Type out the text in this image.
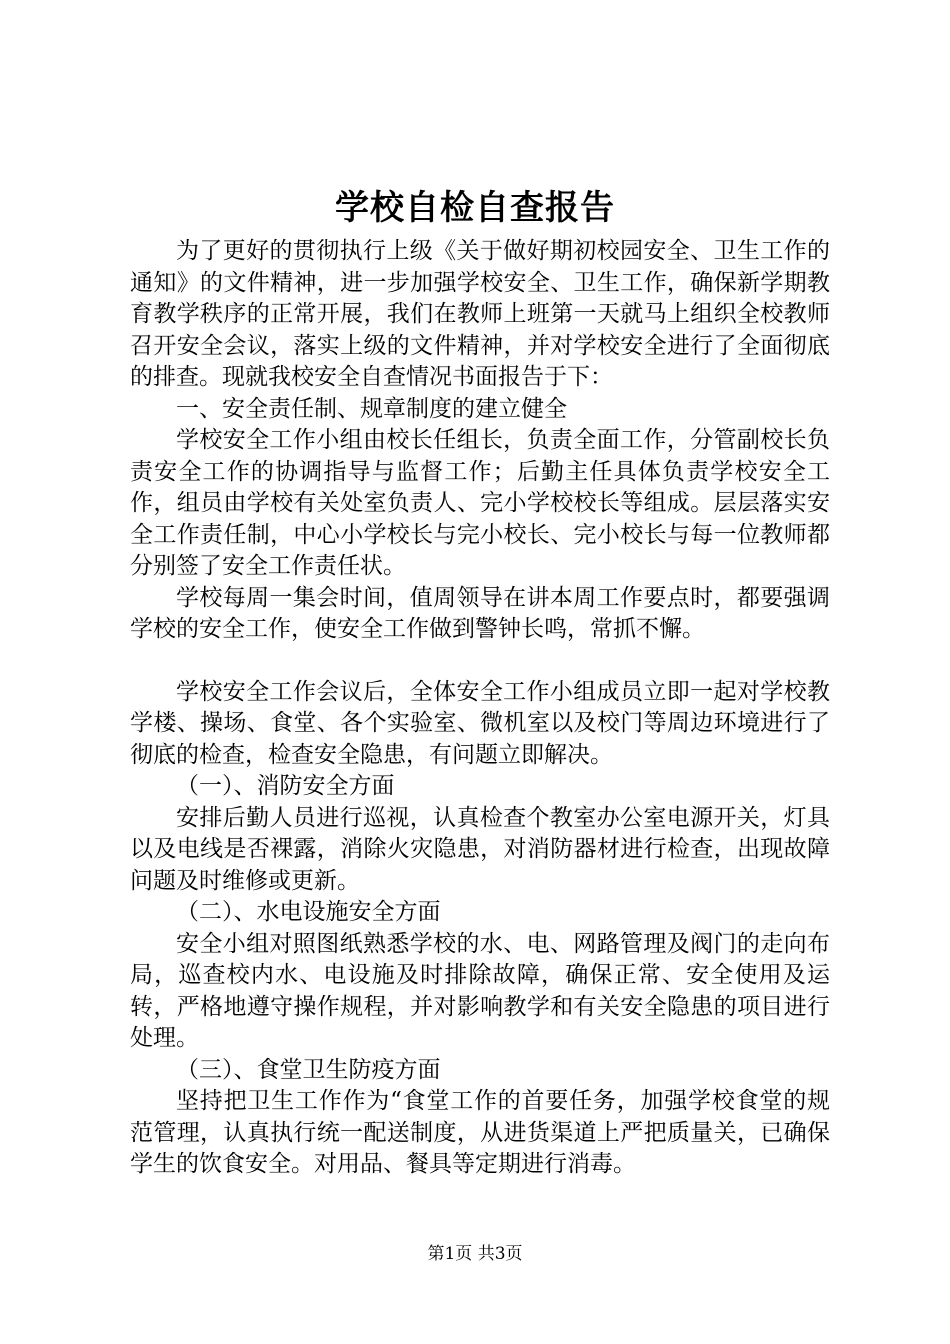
学校自检自查报告

为了更好的贯彻执行上级《关于做好期初校园安全、卫生工作的通知》的文件精神，进一步加强学校安全、卫生工作，确保新学期教育教学秩序的正常开展，我们在教师上班第一天就马上组织全校教师召开安全会议，落实上级的文件精神，并对学校安全进行了全面彻底的排查。现就我校安全自查情况书面报告于下：

一、安全责任制、规章制度的建立健全

学校安全工作小组由校长任组长，负责全面工作，分管副校长负责安全工作的协调指导与监督工作；后勤主任具体负责学校安全工作，组员由学校有关处室负责人、完小学校校长等组成。层层落实安全工作责任制，中心小学校长与完小校长、完小校长与每一位教师都分别签了安全工作责任状。

学校每周一集会时间，值周领导在讲本周工作要点时，都要强调学校的安全工作，使安全工作做到警钟长鸣，常抓不懈。

学校安全工作会议后，全体安全工作小组成员立即一起对学校教学楼、操场、食堂、各个实验室、微机室以及校门等周边环境进行了彻底的检查，检查安全隐患，有问题立即解决。

（一）、消防安全方面

安排后勤人员进行巡视，认真检查个教室办公室电源开关，灯具以及电线是否裸露，消除火灾隐患，对消防器材进行检查，出现故障问题及时维修或更新。

（二）、水电设施安全方面

安全小组对照图纸熟悉学校的水、电、网路管理及阀门的走向布局，巡查校内水、电设施及时排除故障，确保正常、安全使用及运转，严格地遵守操作规程，并对影响教学和有关安全隐患的项目进行处理。

（三）、食堂卫生防疫方面

坚持把卫生工作作为“食堂工作的首要任务，加强学校食堂的规范管理，认真执行统一配送制度，从进货渠道上严把质量关，已确保学生的饮食安全。对用品、餐具等定期进行消毒。

第1页 共3页
